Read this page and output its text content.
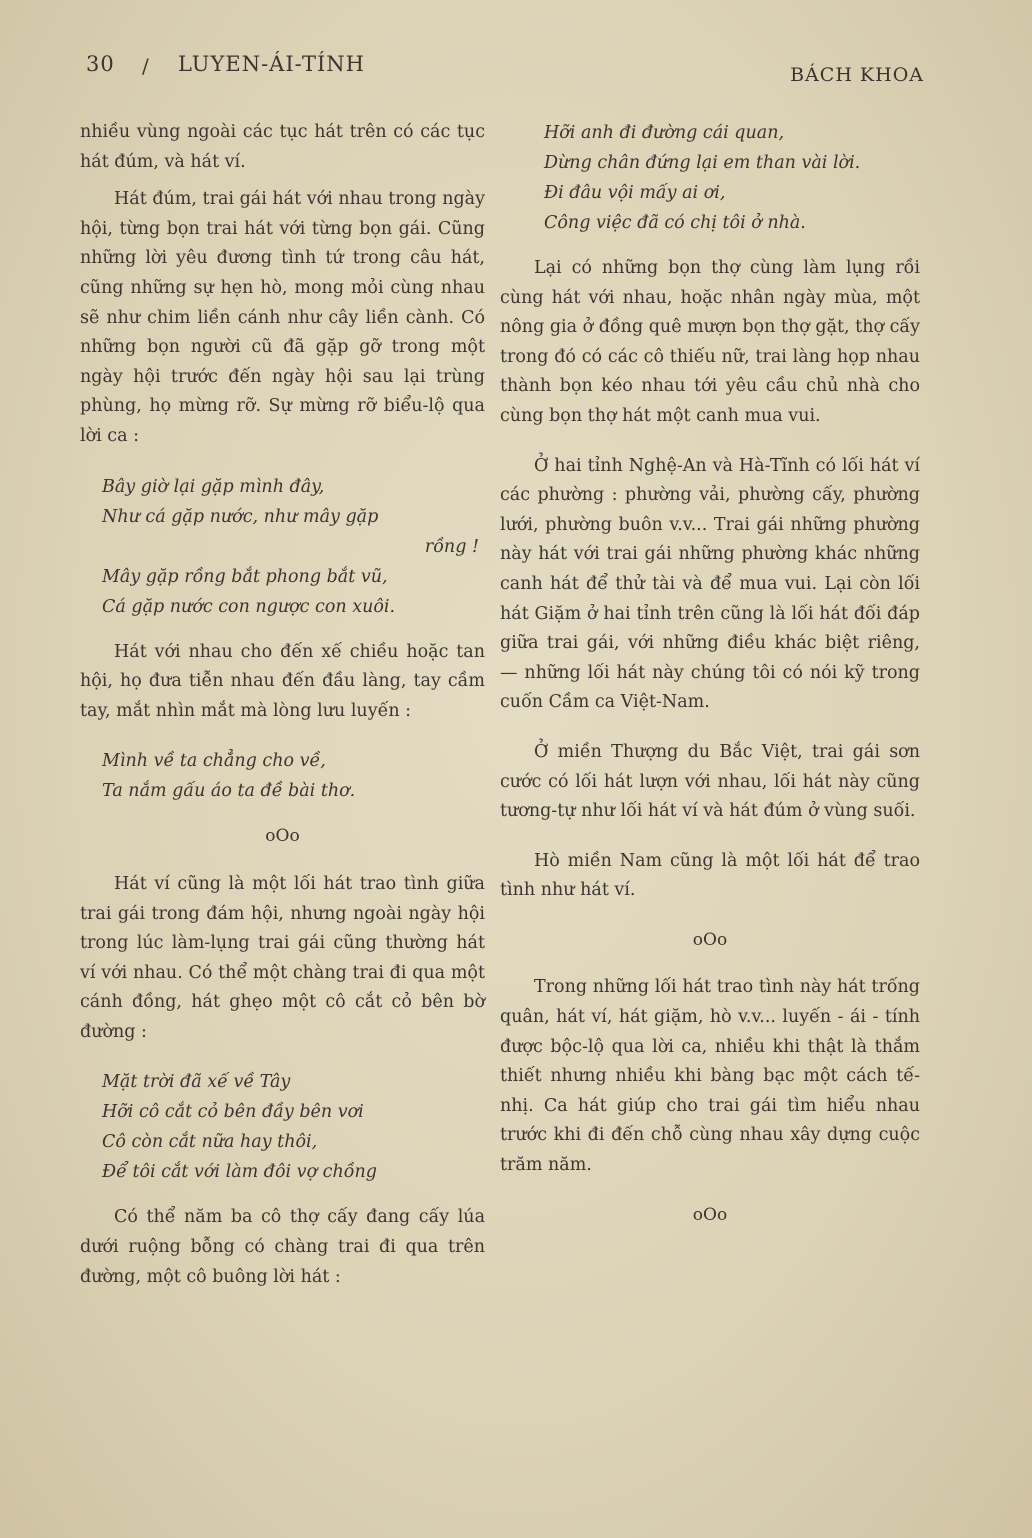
30 / LUYEN-ÁI-TÍNH	BÁCH KHOA

nhiều vùng ngoài các tục hát trên có các tục hát đúm, và hát ví.

Hát đúm, trai gái hát với nhau trong ngày hội, từng bọn trai hát với từng bọn gái. Cũng những lời yêu đương tình tứ trong câu hát, cũng những sự hẹn hò, mong mỏi cùng nhau sẽ như chim liền cánh như cây liền cành. Có những bọn người cũ đã gặp gỡ trong một ngày hội trước đến ngày hội sau lại trùng phùng, họ mừng rỡ. Sự mừng rỡ biểu-lộ qua lời ca :

Bây giờ lại gặp mình đây,
Như cá gặp nước, như mây gặp
rồng !
Mây gặp rồng bắt phong bắt vũ,
Cá gặp nước con ngược con xuôi.

Hát với nhau cho đến xế chiều hoặc tan hội, họ đưa tiễn nhau đến đầu làng, tay cầm tay, mắt nhìn mắt mà lòng lưu luyến :

Mình về ta chẳng cho về,
Ta nắm gấu áo ta đề bài thơ.
oOo

Hát ví cũng là một lối hát trao tình giữa trai gái trong đám hội, nhưng ngoài ngày hội trong lúc làm-lụng trai gái cũng thường hát ví với nhau. Có thể một chàng trai đi qua một cánh đồng, hát ghẹo một cô cắt cỏ bên bờ đường :

Mặt trời đã xế về Tây
Hỡi cô cắt cỏ bên đầy bên vơi
Cô còn cắt nữa hay thôi,
Để tôi cắt với làm đôi vợ chồng

Có thể năm ba cô thợ cấy đang cấy lúa dưới ruộng bỗng có chàng trai đi qua trên đường, một cô buông lời hát :

Hỡi anh đi đường cái quan,
Dừng chân đứng lại em than vài lời.
Đi đâu vội mấy ai ơi,
Công việc đã có chị tôi ở nhà.

Lại có những bọn thợ cùng làm lụng rồi cùng hát với nhau, hoặc nhân ngày mùa, một nông gia ở đồng quê mượn bọn thợ gặt, thợ cấy trong đó có các cô thiếu nữ, trai làng họp nhau thành bọn kéo nhau tới yêu cầu chủ nhà cho cùng bọn thợ hát một canh mua vui.

Ở hai tỉnh Nghệ-An và Hà-Tĩnh có lối hát ví các phường : phường vải, phường cấy, phường lưới, phường buôn v.v... Trai gái những phường này hát với trai gái những phường khác những canh hát để thử tài và để mua vui. Lại còn lối hát Giặm ở hai tỉnh trên cũng là lối hát đối đáp giữa trai gái, với những điều khác biệt riêng, — những lối hát này chúng tôi có nói kỹ trong cuốn Cầm ca Việt-Nam.

Ở miền Thượng du Bắc Việt, trai gái sơn cước có lối hát lượn với nhau, lối hát này cũng tương-tự như lối hát ví và hát đúm ở vùng suối.

Hò miền Nam cũng là một lối hát để trao tình như hát ví.

oOo

Trong những lối hát trao tình này hát trống quân, hát ví, hát giặm, hò v.v... luyến - ái - tính được bộc-lộ qua lời ca, nhiều khi thật là thắm thiết nhưng nhiều khi bàng bạc một cách tế-nhị. Ca hát giúp cho trai gái tìm hiểu nhau trước khi đi đến chỗ cùng nhau xây dựng cuộc trăm năm.

oOo
